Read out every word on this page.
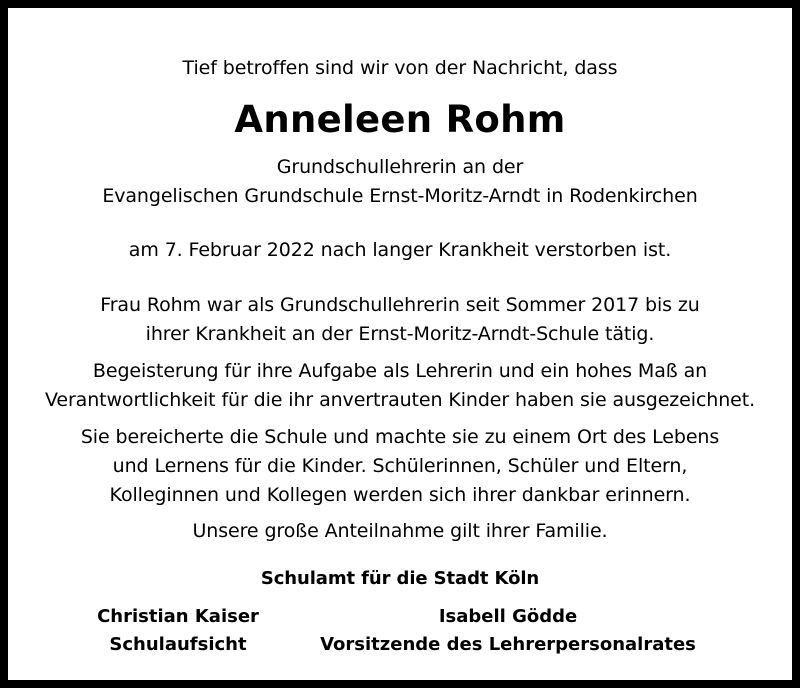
Tief betroffen sind wir von der Nachricht, dass
Anneleen Rohm
Grundschullehrerin an der
Evangelischen Grundschule Ernst-Moritz-Arndt in Rodenkirchen
am 7. Februar 2022 nach langer Krankheit verstorben ist.
Frau Rohm war als Grundschullehrerin seit Sommer 2017 bis zu
ihrer Krankheit an der Ernst-Moritz-Arndt-Schule tätig.
Begeisterung für ihre Aufgabe als Lehrerin und ein hohes Maß an
Verantwortlichkeit für die ihr anvertrauten Kinder haben sie ausgezeichnet.
Sie bereicherte die Schule und machte sie zu einem Ort des Lebens
und Lernens für die Kinder. Schülerinnen, Schüler und Eltern,
Kolleginnen und Kollegen werden sich ihrer dankbar erinnern.
Unsere große Anteilnahme gilt ihrer Familie.
Schulamt für die Stadt Köln
Christian Kaiser
Schulaufsicht
Isabell Gödde
Vorsitzende des Lehrerpersonalrates
